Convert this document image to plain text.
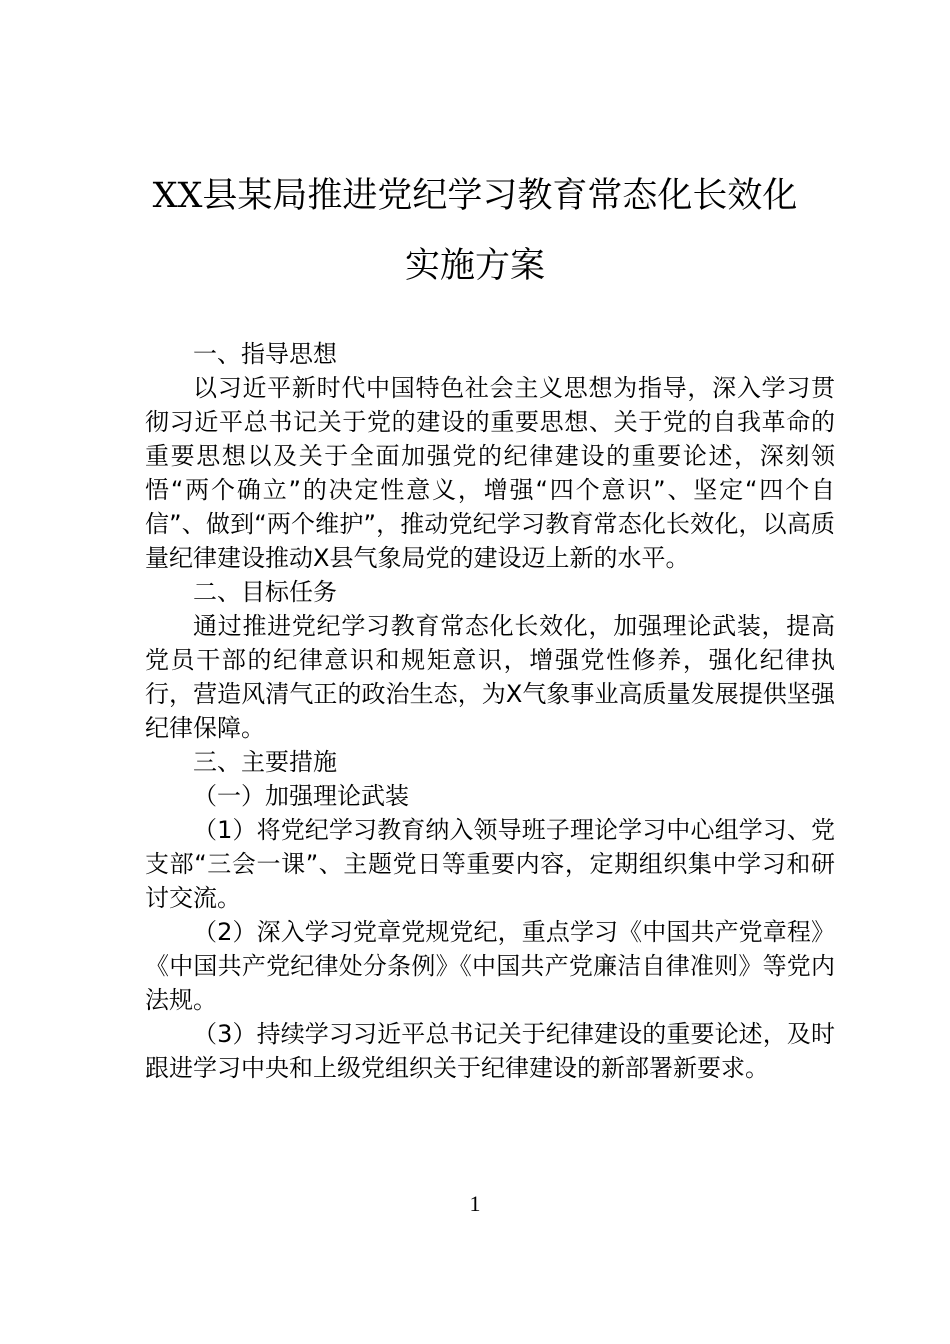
XX县某局推进党纪学习教育常态化长效化
实施方案

一、指导思想

以习近平新时代中国特色社会主义思想为指导，深入学习贯彻习近平总书记关于党的建设的重要思想、关于党的自我革命的重要思想以及关于全面加强党的纪律建设的重要论述，深刻领悟“两个确立”的决定性意义，增强“四个意识”、坚定“四个自信”、做到“两个维护”，推动党纪学习教育常态化长效化，以高质量纪律建设推动X县气象局党的建设迈上新的水平。

二、目标任务

通过推进党纪学习教育常态化长效化，加强理论武装，提高党员干部的纪律意识和规矩意识，增强党性修养，强化纪律执行，营造风清气正的政治生态，为X气象事业高质量发展提供坚强纪律保障。

三、主要措施

（一）加强理论武装

（1）将党纪学习教育纳入领导班子理论学习中心组学习、党支部“三会一课”、主题党日等重要内容，定期组织集中学习和研讨交流。

（2）深入学习党章党规党纪，重点学习《中国共产党章程》《中国共产党纪律处分条例》《中国共产党廉洁自律准则》等党内法规。

（3）持续学习习近平总书记关于纪律建设的重要论述，及时跟进学习中央和上级党组织关于纪律建设的新部署新要求。

1
